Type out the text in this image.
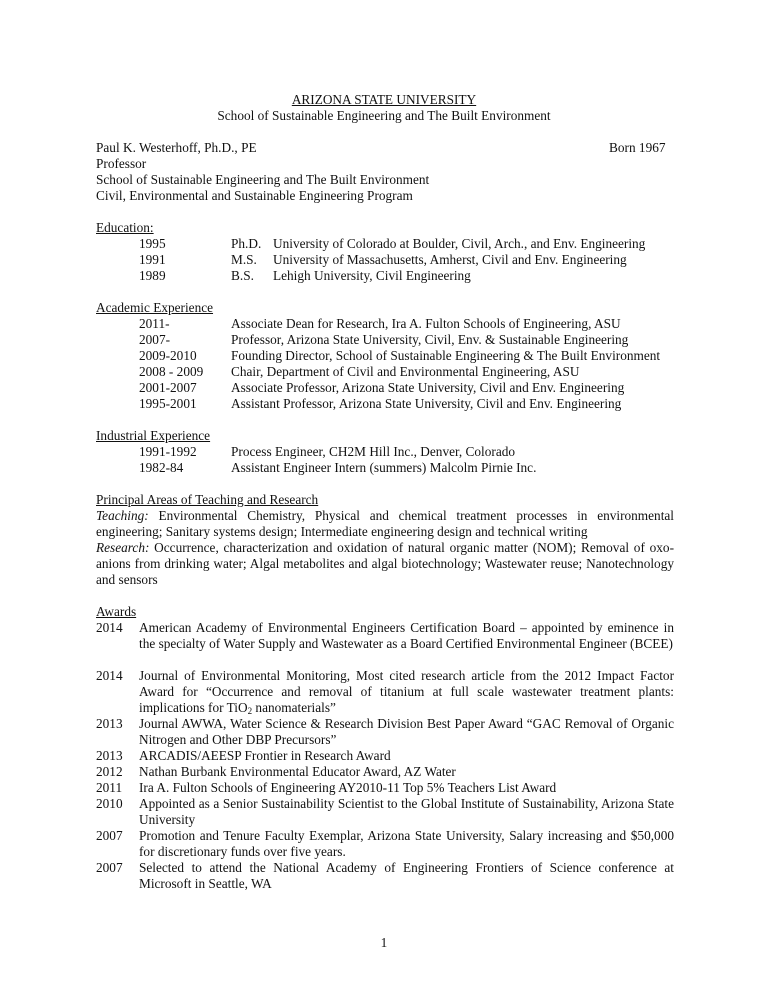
ARIZONA STATE UNIVERSITY
School of Sustainable Engineering and The Built Environment
Paul K. Westerhoff, Ph.D., PE	Born 1967
Professor
School of Sustainable Engineering and The Built Environment
Civil, Environmental and Sustainable Engineering Program
Education:
1995	Ph.D. University of Colorado at Boulder, Civil, Arch., and Env. Engineering
1991	M.S. University of Massachusetts, Amherst, Civil and Env. Engineering
1989	B.S. Lehigh University, Civil Engineering
Academic Experience
2011-	Associate Dean for Research, Ira A. Fulton Schools of Engineering, ASU
2007-	Professor, Arizona State University, Civil, Env. & Sustainable Engineering
2009-2010	Founding Director, School of Sustainable Engineering & The Built Environment
2008 - 2009 Chair, Department of Civil and Environmental Engineering, ASU
2001-2007	Associate Professor, Arizona State University, Civil and Env. Engineering
1995-2001	Assistant Professor, Arizona State University, Civil and Env. Engineering
Industrial Experience
1991-1992	Process Engineer, CH2M Hill Inc., Denver, Colorado
1982-84	Assistant Engineer Intern (summers) Malcolm Pirnie Inc.
Principal Areas of Teaching and Research
Teaching: Environmental Chemistry, Physical and chemical treatment processes in environmental engineering; Sanitary systems design; Intermediate engineering design and technical writing
Research: Occurrence, characterization and oxidation of natural organic matter (NOM); Removal of oxo-anions from drinking water; Algal metabolites and algal biotechnology; Wastewater reuse; Nanotechnology and sensors
Awards
2014 American Academy of Environmental Engineers Certification Board – appointed by eminence in the specialty of Water Supply and Wastewater as a Board Certified Environmental Engineer (BCEE)
2014 Journal of Environmental Monitoring, Most cited research article from the 2012 Impact Factor Award for “Occurrence and removal of titanium at full scale wastewater treatment plants: implications for TiO$_2$ nanomaterials”
2013 Journal AWWA, Water Science & Research Division Best Paper Award “GAC Removal of Organic Nitrogen and Other DBP Precursors”
2013 ARCADIS/AEESP Frontier in Research Award
2012 Nathan Burbank Environmental Educator Award, AZ Water
2011 Ira A. Fulton Schools of Engineering AY2010-11 Top 5% Teachers List Award
2010 Appointed as a Senior Sustainability Scientist to the Global Institute of Sustainability, Arizona State University
2007 Promotion and Tenure Faculty Exemplar, Arizona State University, Salary increasing and $50,000 for discretionary funds over five years.
2007 Selected to attend the National Academy of Engineering Frontiers of Science conference at Microsoft in Seattle, WA
1
